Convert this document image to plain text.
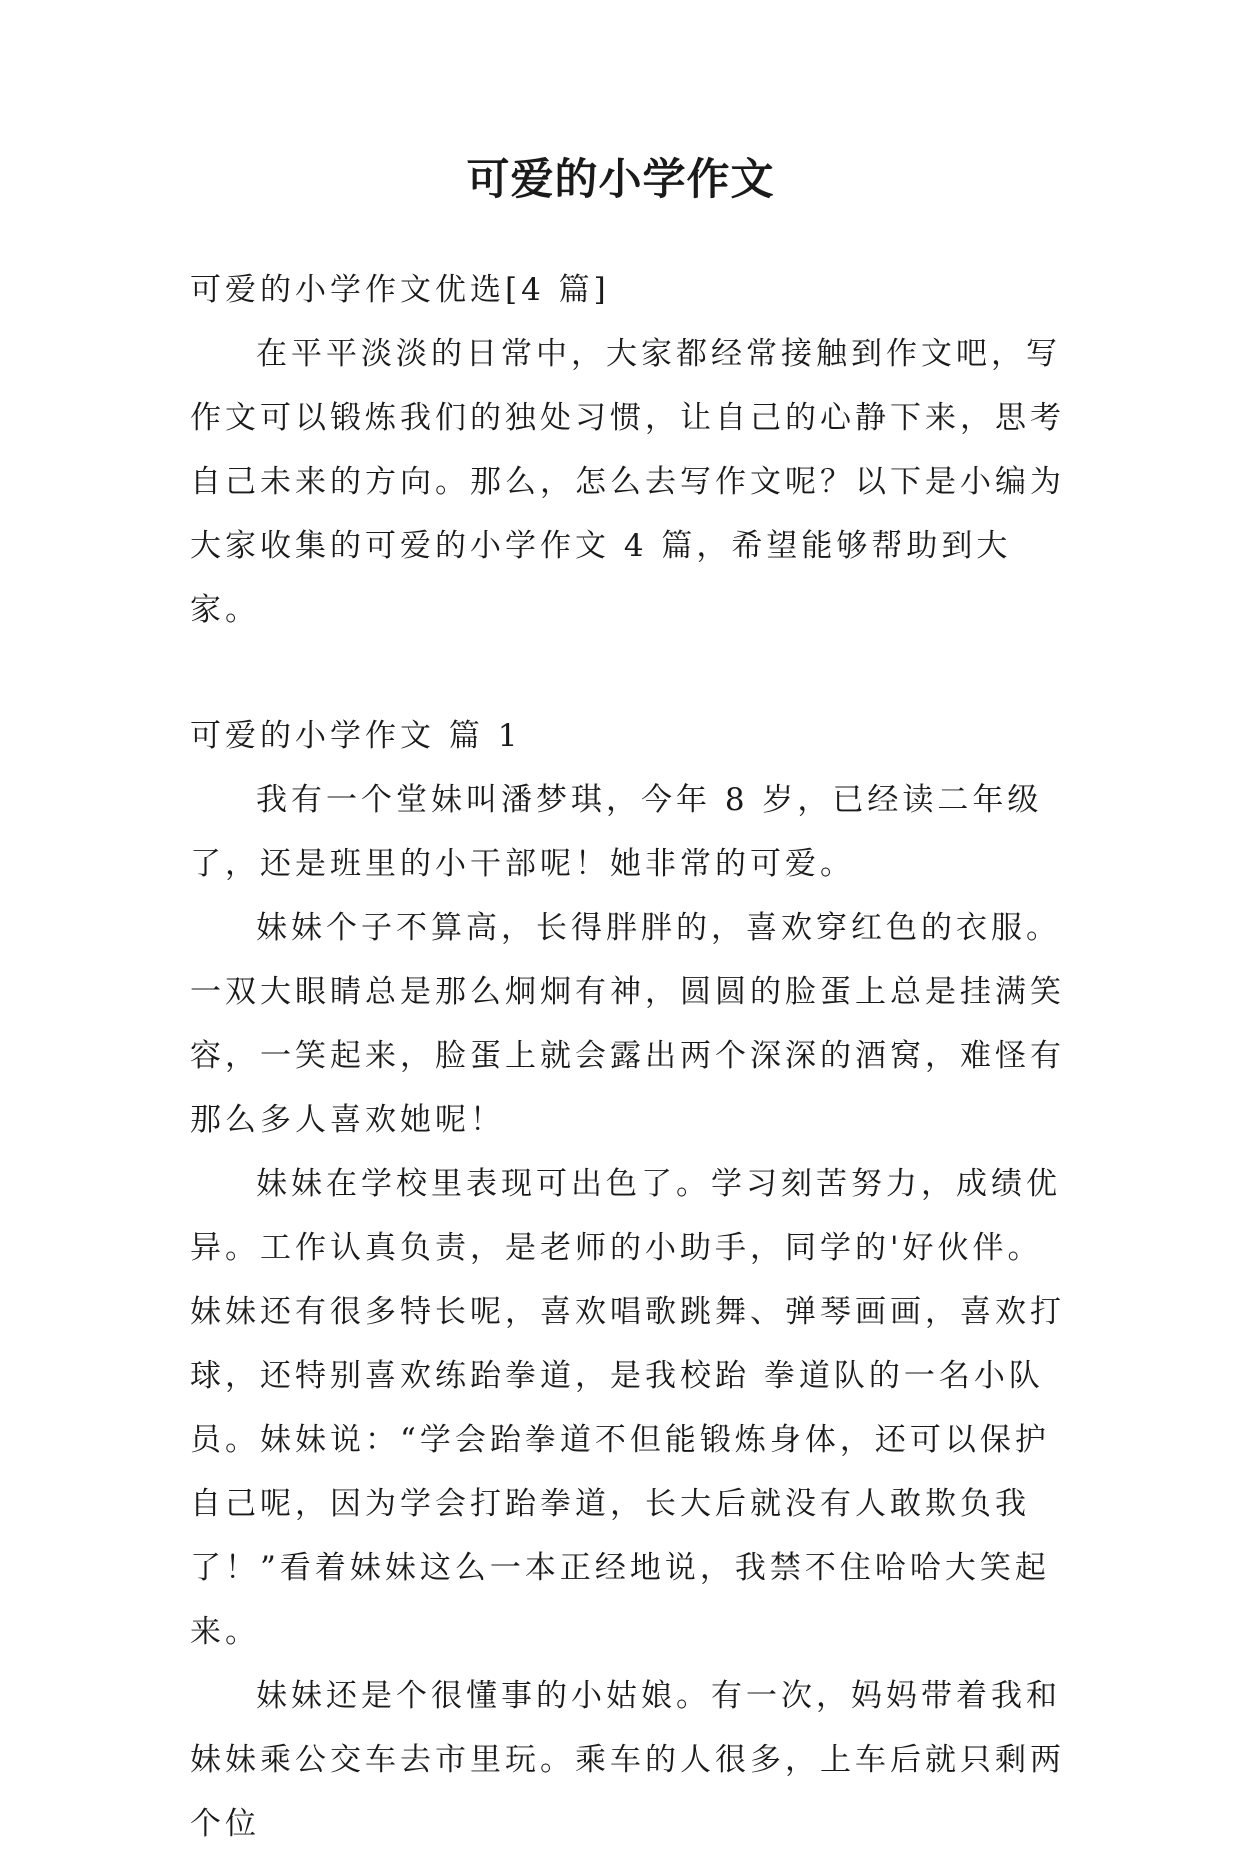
可爱的小学作文

可爱的小学作文优选[4 篇]

在平平淡淡的日常中，大家都经常接触到作文吧，写作文可以锻炼我们的独处习惯，让自己的心静下来，思考自己未来的方向。那么，怎么去写作文呢？以下是小编为大家收集的可爱的小学作文 4 篇，希望能够帮助到大家。

可爱的小学作文 篇 1

我有一个堂妹叫潘梦琪，今年 8 岁，已经读二年级了，还是班里的小干部呢！她非常的可爱。

妹妹个子不算高，长得胖胖的，喜欢穿红色的衣服。一双大眼睛总是那么炯炯有神，圆圆的脸蛋上总是挂满笑容，一笑起来，脸蛋上就会露出两个深深的酒窝，难怪有那么多人喜欢她呢！

妹妹在学校里表现可出色了。学习刻苦努力，成绩优异。工作认真负责，是老师的小助手，同学的'好伙伴。妹妹还有很多特长呢，喜欢唱歌跳舞、弹琴画画，喜欢打球，还特别喜欢练跆拳道，是我校跆 拳道队的一名小队员。妹妹说：“学会跆拳道不但能锻炼身体，还可以保护自己呢，因为学会打跆拳道，长大后就没有人敢欺负我了！”看着妹妹这么一本正经地说，我禁不住哈哈大笑起来。

妹妹还是个很懂事的小姑娘。有一次，妈妈带着我和妹妹乘公交车去市里玩。乘车的人很多，上车后就只剩两个位
